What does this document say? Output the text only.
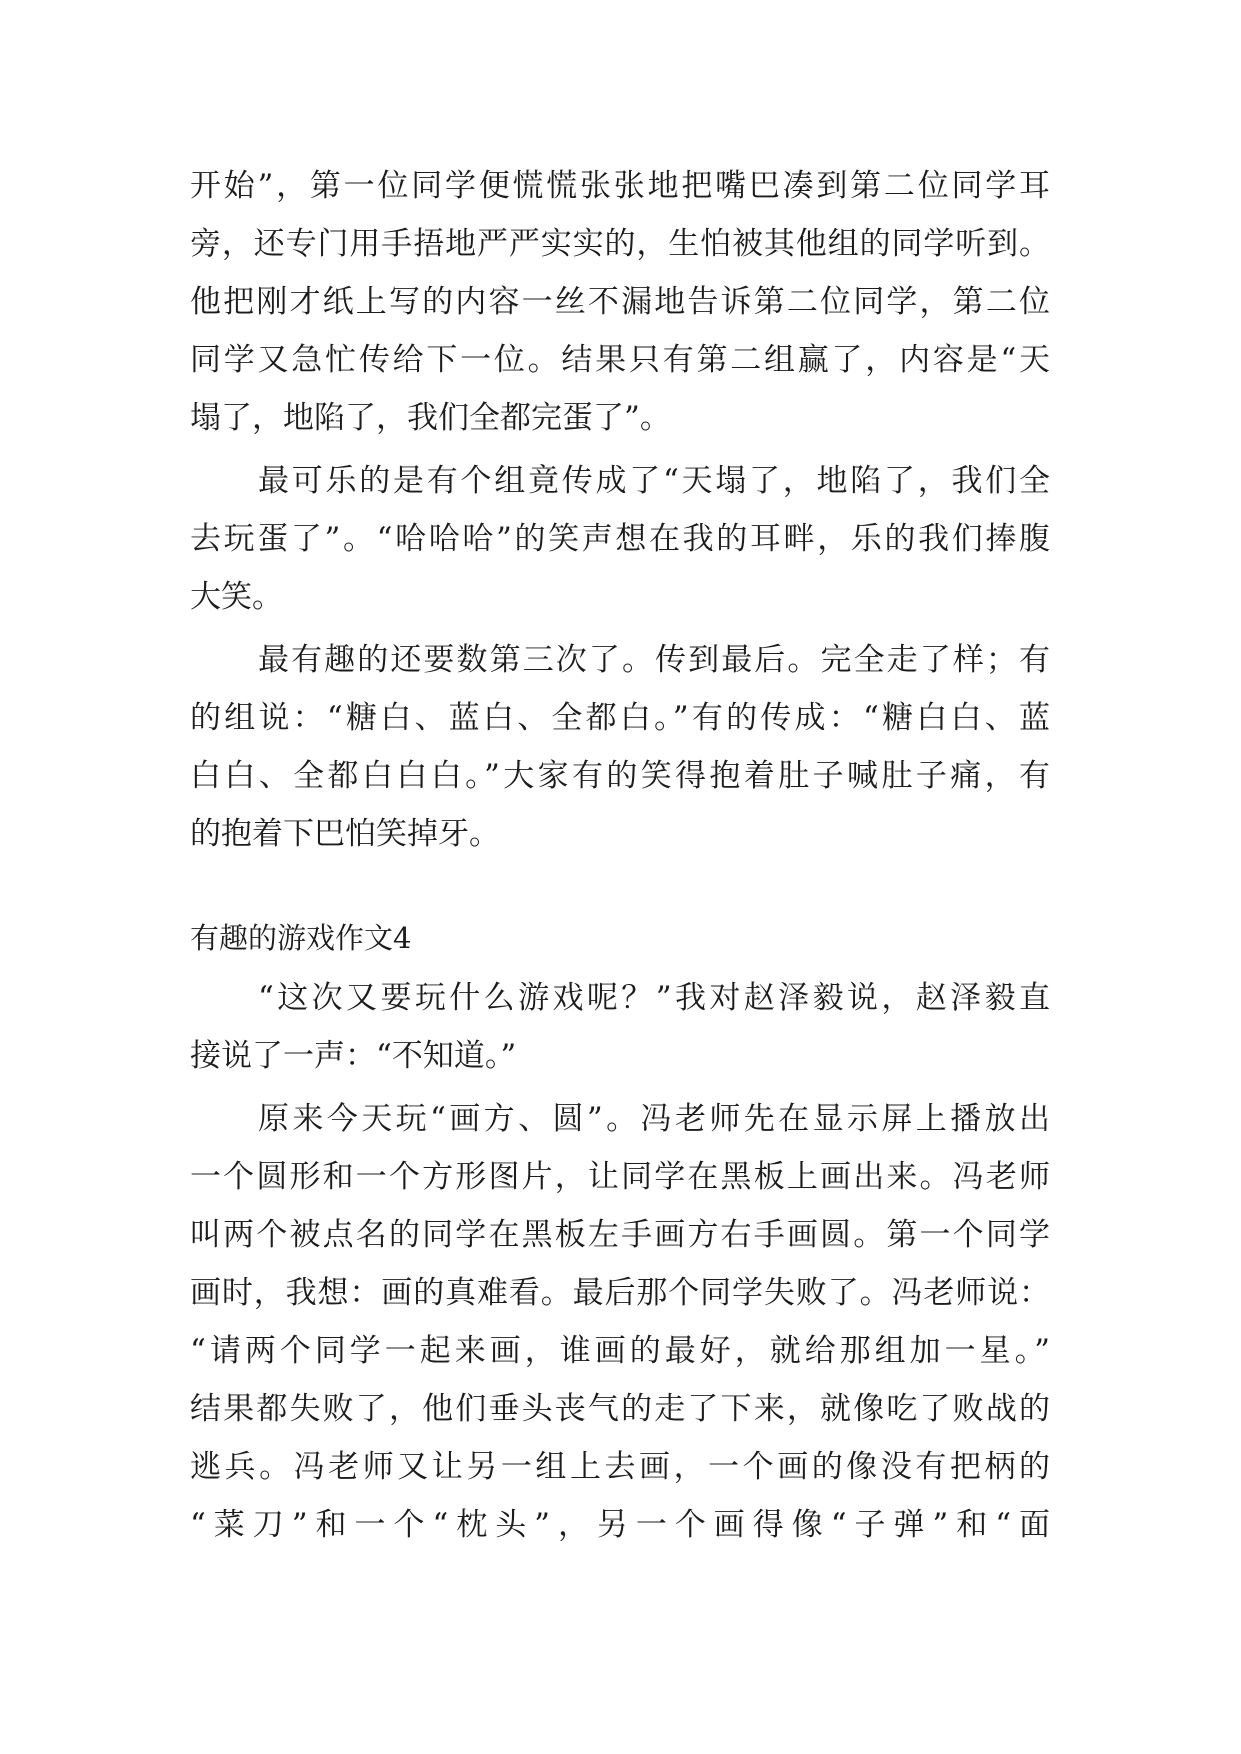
开始”，第一位同学便慌慌张张地把嘴巴凑到第二位同学耳
旁，还专门用手捂地严严实实的，生怕被其他组的同学听到。
他把刚才纸上写的内容一丝不漏地告诉第二位同学，第二位
同学又急忙传给下一位。结果只有第二组赢了，内容是“天
塌了，地陷了，我们全都完蛋了”。
最可乐的是有个组竟传成了“天塌了，地陷了，我们全
去玩蛋了”。“哈哈哈”的笑声想在我的耳畔，乐的我们捧腹
大笑。
最有趣的还要数第三次了。传到最后。完全走了样；有
的组说：“糖白、蓝白、全都白。”有的传成：“糖白白、蓝
白白、全都白白白。”大家有的笑得抱着肚子喊肚子痛，有
的抱着下巴怕笑掉牙。
有趣的游戏作文4
“这次又要玩什么游戏呢？”我对赵泽毅说，赵泽毅直
接说了一声：“不知道。”
原来今天玩“画方、圆”。冯老师先在显示屏上播放出
一个圆形和一个方形图片，让同学在黑板上画出来。冯老师
叫两个被点名的同学在黑板左手画方右手画圆。第一个同学
画时，我想：画的真难看。最后那个同学失败了。冯老师说：
“请两个同学一起来画，谁画的最好，就给那组加一星。”
结果都失败了，他们垂头丧气的走了下来，就像吃了败战的
逃兵。冯老师又让另一组上去画，一个画的像没有把柄的
“菜刀”和一个“枕头”，另一个画得像“子弹”和“面
